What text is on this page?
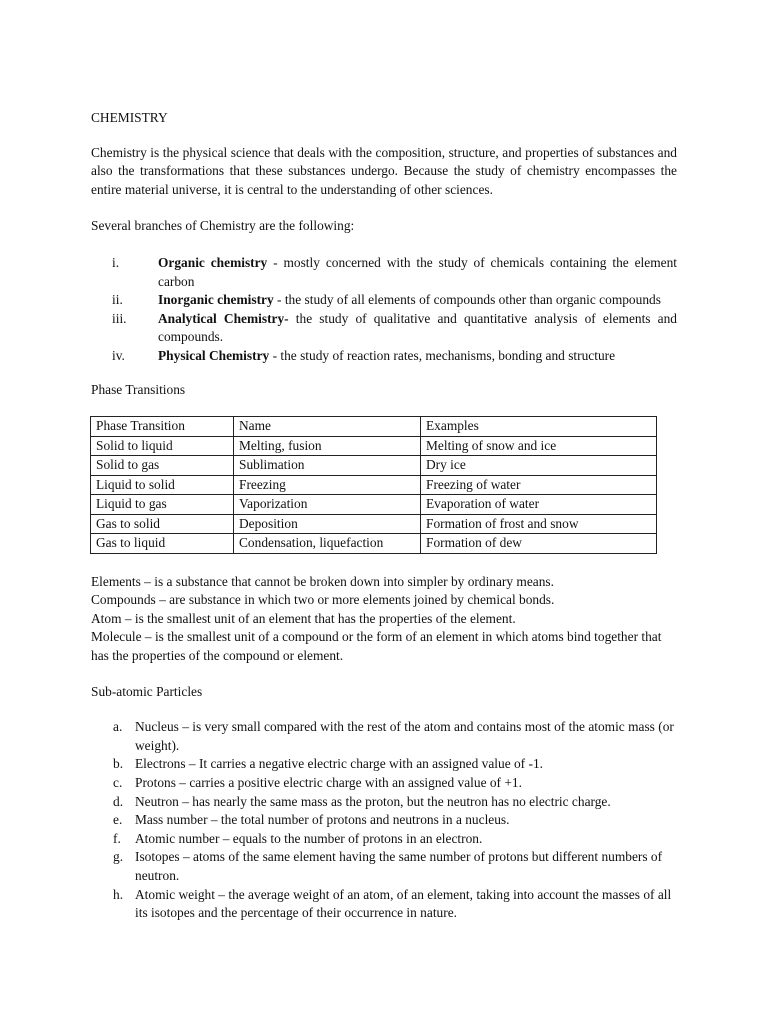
CHEMISTRY

Chemistry is the physical science that deals with the composition, structure, and properties of substances and also the transformations that these substances undergo. Because the study of chemistry encompasses the entire material universe, it is central to the understanding of other sciences.

Several branches of Chemistry are the following:

i.	Organic chemistry - mostly concerned with the study of chemicals containing the element carbon
ii.	Inorganic chemistry - the study of all elements of compounds other than organic compounds
iii.	Analytical Chemistry- the study of qualitative and quantitative analysis of elements and compounds.
iv.	Physical Chemistry - the study of reaction rates, mechanisms, bonding and structure

Phase Transitions

Phase Transition	Name	Examples
Solid to liquid	Melting, fusion	Melting of snow and ice
Solid to gas	Sublimation	Dry ice
Liquid to solid	Freezing	Freezing of water
Liquid to gas	Vaporization	Evaporation of water
Gas to solid	Deposition	Formation of frost and snow
Gas to liquid	Condensation, liquefaction	Formation of dew

Elements – is a substance that cannot be broken down into simpler by ordinary means.

Compounds – are substance in which two or more elements joined by chemical bonds.

Atom – is the smallest unit of an element that has the properties of the element.

Molecule – is the smallest unit of a compound or the form of an element in which atoms bind together that has the properties of the compound or element.

Sub-atomic Particles

a. Nucleus – is very small compared with the rest of the atom and contains most of the atomic mass (or weight).
b. Electrons – It carries a negative electric charge with an assigned value of -1.
c. Protons – carries a positive electric charge with an assigned value of +1.
d. Neutron – has nearly the same mass as the proton, but the neutron has no electric charge.
e. Mass number – the total number of protons and neutrons in a nucleus.
f.	Atomic number – equals to the number of protons in an electron.
g. Isotopes – atoms of the same element having the same number of protons but different numbers of neutron.
h. Atomic weight – the average weight of an atom, of an element, taking into account the masses of all its isotopes and the percentage of their occurrence in nature.
